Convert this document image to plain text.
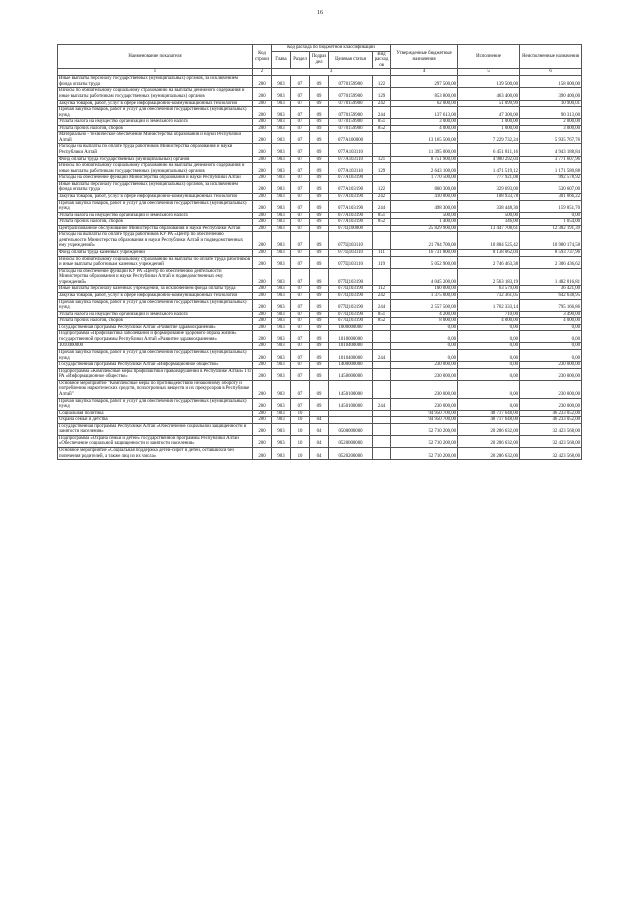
16
Наименование показателя	Код строки	Код расхода по бюджетной классификации					Утвержденные бюджетные назначения	Исполнение	Неисполненные назначения
		Глава	Раздел	Подраздел	Целевая статья	Вид расходов			
1	2	3					4	5	6
Иные выплаты персоналу государственных (муниципальных) органов, за исключением фонда оплаты труда	200	903	07	09	0770159900	122	297 500,00	139 500,00	158 000,00
Взносы по обязательному социальному страхованию на выплаты денежного содержания и иные выплаты работникам государственных (муниципальных) органов	200	903	07	09	0770159900	129	853 800,00	463 400,00	390 400,00
Закупка товаров, работ, услуг в сфере информационно-коммуникационных технологий	200	903	07	09	0770159900	242	62 000,00	51 099,99	10 900,01
Прочая закупка товаров, работ и услуг для обеспечения государственных (муниципальных) нужд	200	903	07	09	0770159900	244	137 613,00	47 300,00	90 313,00
Уплата налога на имущество организаций и земельного налога	200	903	07	09	0770159900	851	3 000,00	1 000,00	2 000,00
Уплата прочих налогов, сборов	200	903	07	09	0770159900	852	4 000,00	1 000,00	3 000,00
Материально - техническое обеспечение Министерства образования и науки Республики Алтай	200	903	07	09	077А100000		13 165 500,00	7 229 732,24	5 935 767,76
Расходы на выплаты по оплате труда работников Министерства образования и науки Республики Алтай	200	903	07	09	077А103110		11 395 000,00	6 451 811,16	4 943 188,84
Фонд оплаты труда государственных (муниципальных) органов	200	903	07	09	077А103110	121	8 751 900,00	4 980 292,04	3 771 607,96
Взносы по обязательному социальному страхованию на выплаты денежного содержания и иные выплаты работникам государственных (муниципальных) органов	200	903	07	09	077А103110	129	2 643 100,00	1 471 519,12	1 171 580,88
Расходы на обеспечение функций Министерства образования и науки Республики Алтай	200	903	07	09	077А103190		1 770 500,00	777 921,08	992 578,92
Иные выплаты персоналу государственных (муниципальных) органов, за исключением фонда оплаты труда	200	903	07	09	077А103190	122	860 300,00	329 693,00	530 607,00
Закупка товаров, работ, услуг в сфере информационно-коммуникационных технологий	200	903	07	09	077А103190	242	410 000,00	108 933,78	301 066,22
Прочая закупка товаров, работ и услуг для обеспечения государственных (муниципальных) нужд	200	903	07	09	077А103190	244	498 300,00	338 448,30	159 851,70
Уплата налога на имущество организаций и земельного налога	200	903	07	09	077А103190	851	500,00	500,00	0,00
Уплата прочих налогов, сборов	200	903	07	09	077А103190	852	1 400,00	346,00	1 054,00
Централизованное обслуживание Министерства образования и науки Республики Алтай	200	903	07	09	077Ц100000		25 829 900,00	13 447 708,61	12 382 191,39
Расходы на выплаты по оплате труда работников КУ РА «Центр по обеспечению деятельности Министерства образования и науки Республики Алтай и подведомственных ему учреждений»	200	903	07	09	077Ц103110		21 784 700,00	10 884 525,42	10 900 174,58
Фонд оплаты труда казенных учреждений	200	903	07	09	077Ц103110	111	16 731 800,00	8 138 062,04	8 593 737,96
Взносы по обязательному социальному страхованию на выплаты по оплате труда работников и иные выплаты работникам казенных учреждений	200	903	07	09	077Ц103110	119	5 052 900,00	2 746 463,38	2 306 436,62
Расходы на обеспечение функций КУ РА «Центр по обеспечению деятельности Министерства образования и науки Республики Алтай и подведомственных ему учреждений»	200	903	07	09	077Ц103190		4 045 200,00	2 563 183,19	1 482 016,81
Иные выплаты персоналу казенных учреждений, за исключением фонда оплаты труда	200	903	07	09	077Ц103190	112	100 000,00	63 579,00	36 421,00
Закупка товаров, работ, услуг в сфере информационно-коммуникационных технологий	200	903	07	09	077Ц103190	242	1 375 000,00	732 361,05	642 638,95
Прочая закупка товаров, работ и услуг для обеспечения государственных (муниципальных) нужд	200	903	07	09	077Ц103190	244	2 557 500,00	1 762 333,14	795 166,86
Уплата налога на имущество организаций и земельного налога	200	903	07	09	077Ц103190	851	4 200,00	710,00	3 490,00
Уплата прочих налогов, сборов	200	903	07	09	077Ц103190	852	8 000,00	4 000,00	4 000,00
Государственная программа Республики Алтай «Развитие здравоохранения»	200	903	07	09	1000000000		0,00	0,00	0,00
Подпрограмма «Профилактика заболеваний и формирование здорового образа жизни» государственной программы Республики Алтай «Развитие здравоохранения»	200	903	07	09	1010000000		0,00	0,00	0,00
1010400000	200	903	07	09	1010400000		0,00	0,00	0,00
Прочая закупка товаров, работ и услуг для обеспечения государственных (муниципальных) нужд	200	903	07	09	1010400000	244	0,00	0,00	0,00
Государственная программа Республики Алтай «Информационное общество»	200	903	07	09	1400000000		230 000,00	0,00	230 000,00
Подпрограмма «Комплексные меры профилактики правонарушений в Республике Алтай» ГП РА «Информационное общество»	200	903	07	09	1450000000		230 000,00	0,00	230 000,00
Основное мероприятие "Комплексные меры по противодействию незаконному обороту и потреблению наркотических средств, психотропных веществ и их прекурсоров в Республике Алтай"	200	903	07	09	1450100000		230 000,00	0,00	230 000,00
Прочая закупка товаров, работ и услуг для обеспечения государственных (муниципальных) нужд	200	903	07	09	1450100000	244	230 000,00	0,00	230 000,00
Социальная политика	200	903	10				94 950 700,00	48 717 648,00	46 233 052,00
Охрана семьи и детства	200	903	10	04			94 950 700,00	48 717 648,00	46 233 052,00
Государственная программа Республики Алтай «Обеспечение социальной защищенности и занятости населения»	200	903	10	04	0500000000		52 710 200,00	20 286 632,00	32 423 568,00
Подпрограмма «Охрана семьи и детей» государственной программы Республики Алтай «Обеспечение социальной защищенности и занятости населения»	200	903	10	04	0520000000		52 710 200,00	20 286 632,00	32 423 568,00
Основное мероприятие «Социальная поддержка детей-сирот и детей, оставшихся без попечения родителей, а также лиц из их числа»	200	903	10	04	0520200000		52 710 200,00	20 286 632,00	32 423 568,00
